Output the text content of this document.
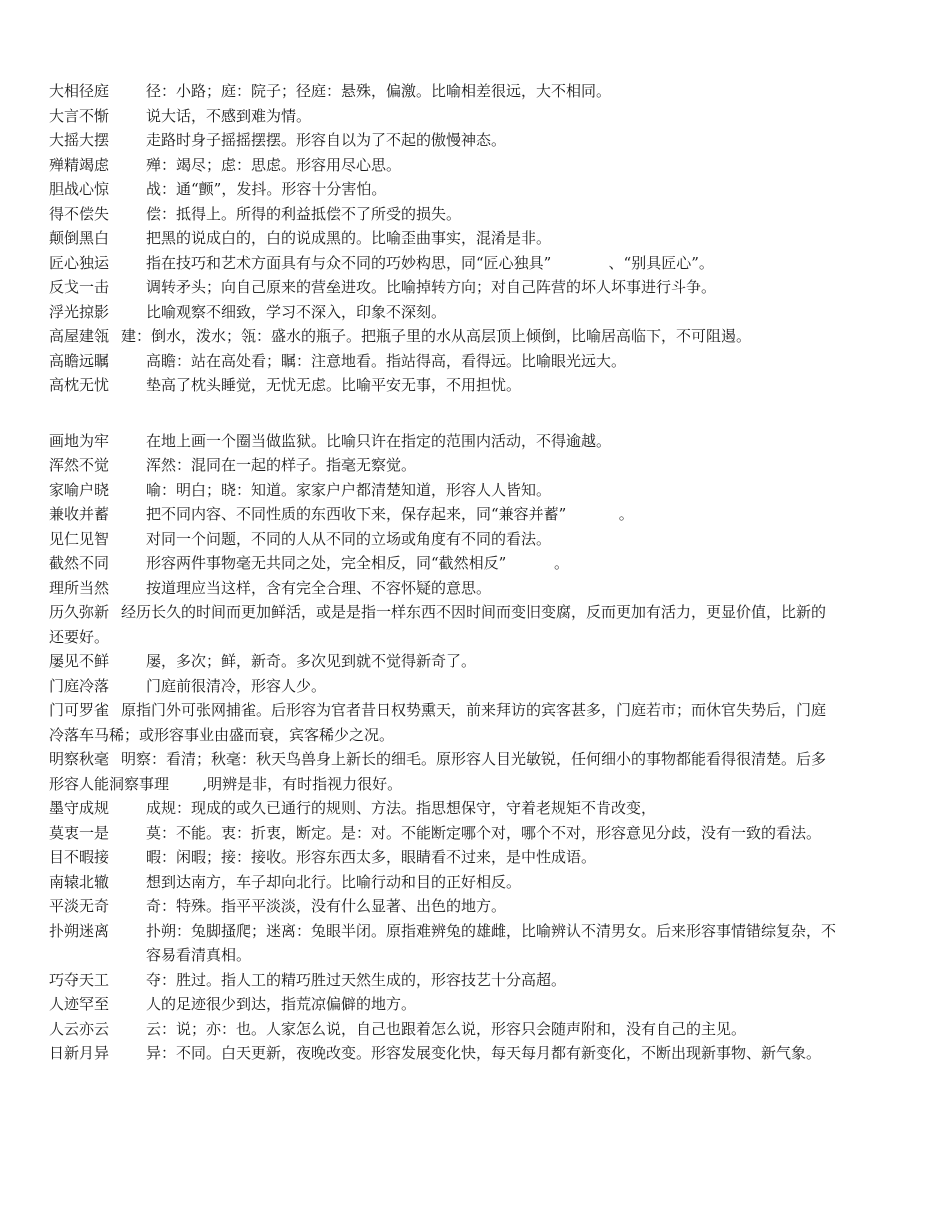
大相径庭 径：小路；庭：院子；径庭：悬殊，偏激。比喻相差很远，大不相同。

大言不惭 说大话，不感到难为情。

大摇大摆 走路时身子摇摇摆摆。形容自以为了不起的傲慢神态。

殚精竭虑 殚：竭尽；虑：思虑。形容用尽心思。

胆战心惊 战：通“颤”，发抖。形容十分害怕。

得不偿失 偿：抵得上。所得的利益抵偿不了所受的损失。

颠倒黑白 把黑的说成白的，白的说成黑的。比喻歪曲事实，混淆是非。

匠心独运 指在技巧和艺术方面具有与众不同的巧妙构思，同“匠心独具”            、“别具匠心”。

反戈一击 调转矛头；向自己原来的营垒进攻。比喻掉转方向；对自己阵营的坏人坏事进行斗争。

浮光掠影 比喻观察不细致，学习不深入，印象不深刻。

高屋建瓴 建：倒水，泼水；瓴：盛水的瓶子。把瓶子里的水从高层顶上倾倒，比喻居高临下，不可阻遏。

高瞻远瞩 高瞻：站在高处看；瞩：注意地看。指站得高，看得远。比喻眼光远大。

高枕无忧 垫高了枕头睡觉，无忧无虑。比喻平安无事，不用担忧。

画地为牢 在地上画一个圈当做监狱。比喻只许在指定的范围内活动，不得逾越。

浑然不觉 浑然：混同在一起的样子。指毫无察觉。

家喻户晓 喻：明白；晓：知道。家家户户都清楚知道，形容人人皆知。

兼收并蓄 把不同内容、不同性质的东西收下来，保存起来，同“兼容并蓄”           。

见仁见智 对同一个问题，不同的人从不同的立场或角度有不同的看法。

截然不同 形容两件事物毫无共同之处，完全相反，同“截然相反”          。

理所当然 按道理应当这样，含有完全合理、不容怀疑的意思。

历久弥新 经历长久的时间而更加鲜活，或是是指一样东西不因时间而变旧变腐，反而更加有活力，更显价值，比新的还要好。

屡见不鲜 屡，多次；鲜，新奇。多次见到就不觉得新奇了。

门庭冷落 门庭前很清冷，形容人少。

门可罗雀 原指门外可张网捕雀。后形容为官者昔日权势熏天，前来拜访的宾客甚多，门庭若市；而休官失势后，门庭冷落车马稀；或形容事业由盛而衰，宾客稀少之况。

明察秋毫 明察：看清；秋毫：秋天鸟兽身上新长的细毛。原形容人目光敏锐，任何细小的事物都能看得很清楚。后多形容人能洞察事理       ,明辨是非，有时指视力很好。

墨守成规 成规：现成的或久已通行的规则、方法。指思想保守，守着老规矩不肯改变，

莫衷一是	莫：不能。衷：折衷，断定。是：对。不能断定哪个对，哪个不对，形容意见分歧，没有一致的看法。

目不暇接 暇：闲暇；接：接收。形容东西太多，眼睛看不过来，是中性成语。

南辕北辙 想到达南方，车子却向北行。比喻行动和目的正好相反。

平淡无奇 奇：特殊。指平平淡淡，没有什么显著、出色的地方。

扑朔迷离	扑朔：兔脚搔爬；迷离：兔眼半闭。原指难辨兔的雄雌，比喻辨认不清男女。后来形容事情错综复杂，不容易看清真相。

巧夺天工 夺：胜过。指人工的精巧胜过天然生成的，形容技艺十分高超。

人迹罕至 人的足迹很少到达，指荒凉偏僻的地方。

人云亦云 云：说；亦：也。人家怎么说，自己也跟着怎么说，形容只会随声附和，没有自己的主见。

日新月异	异：不同。白天更新，夜晚改变。形容发展变化快，每天每月都有新变化，不断出现新事物、新气象。
